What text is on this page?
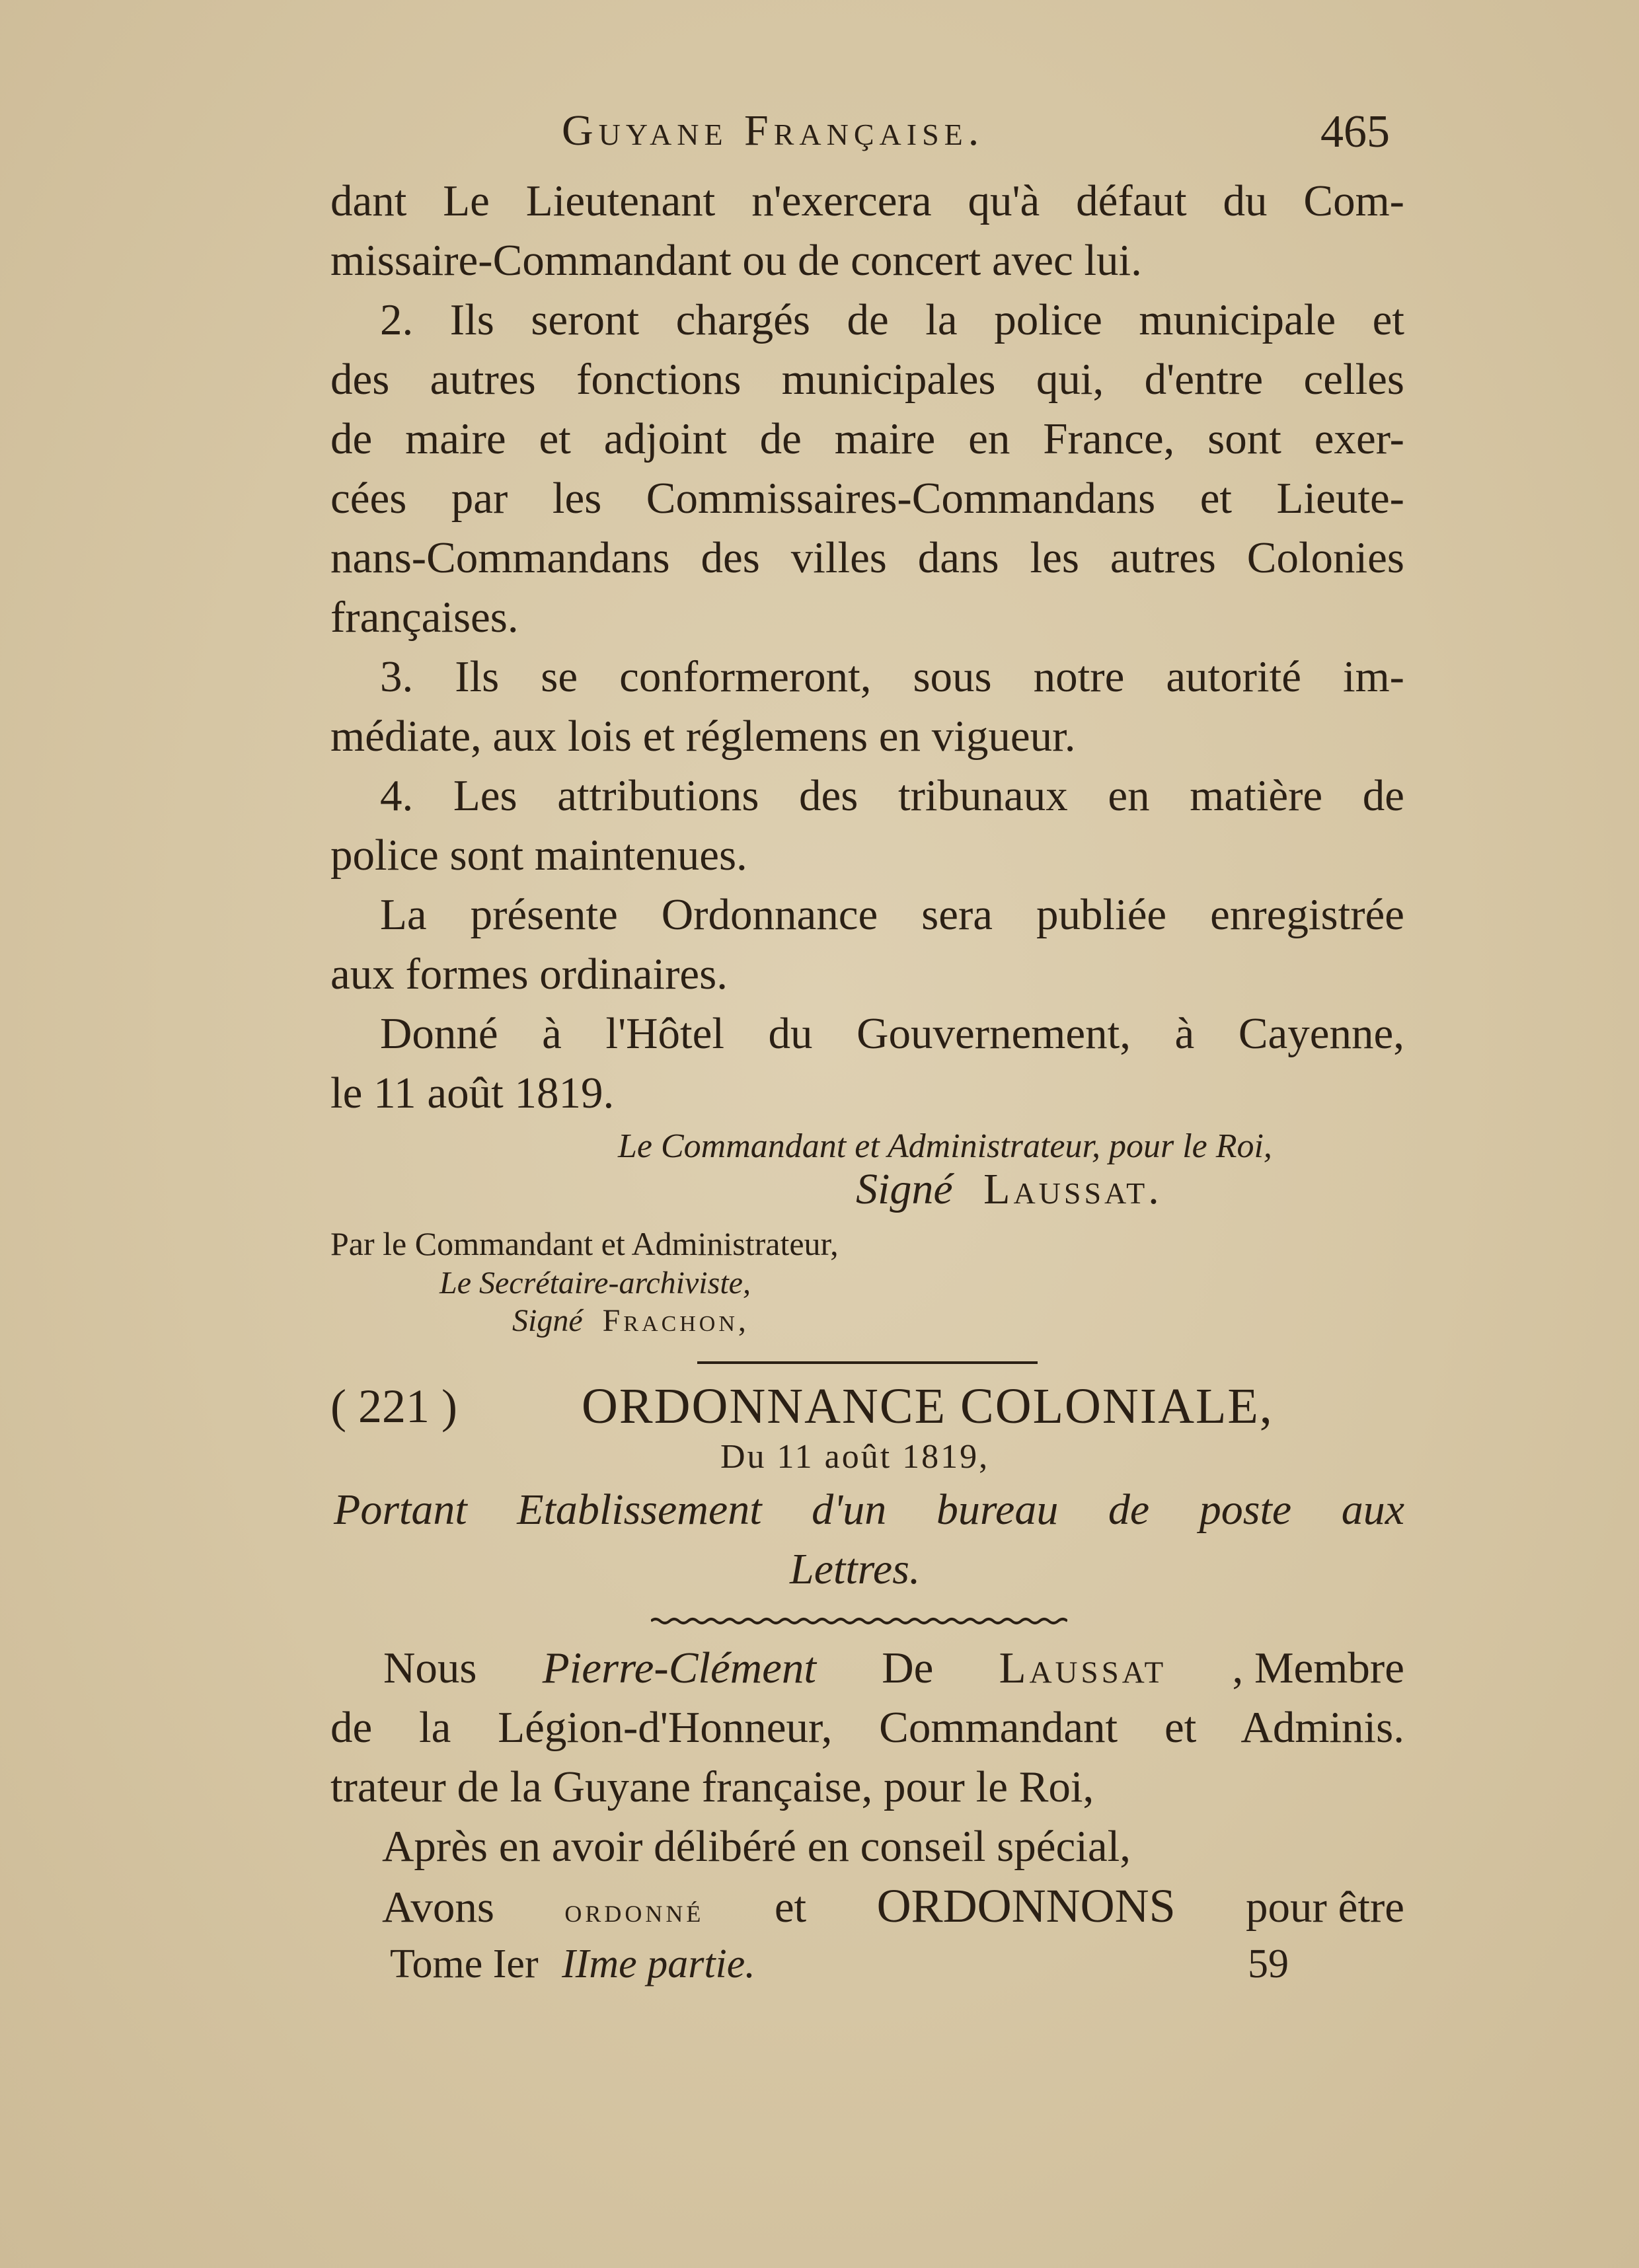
Guyane Française.	465
dant Le Lieutenant n'exercera qu'à défaut du Com-
missaire-Commandant ou de concert avec lui.
2. Ils seront chargés de la police municipale et
des autres fonctions municipales qui, d'entre celles
de maire et adjoint de maire en France, sont exer-
cées par les Commissaires-Commandans et Lieute-
nans-Commandans des villes dans les autres Colonies
françaises.
3. Ils se conformeront, sous notre autorité im-
médiate, aux lois et réglemens en vigueur.
4. Les attributions des tribunaux en matière de
police sont maintenues.
La présente Ordonnance sera publiée enregistrée
aux formes ordinaires.
Donné à l'Hôtel du Gouvernement, à Cayenne,
le 11 août 1819.
Le Commandant et Administrateur, pour le Roi,
Signé Laussat.
Par le Commandant et Administrateur,
Le Secrétaire-archiviste,
Signé Frachon,
( 221 ) ORDONNANCE COLONIALE,
Du 11 août 1819,
Portant Etablissement d'un bureau de poste aux
Lettres.
Nous Pierre-Clément De Laussat , Membre
de la Légion-d'Honneur, Commandant et Adminis.
trateur de la Guyane française, pour le Roi,
Après en avoir délibéré en conseil spécial,
Avons ordonné et ORDONNONS pour être
Tome Ier IIme partie.	59
